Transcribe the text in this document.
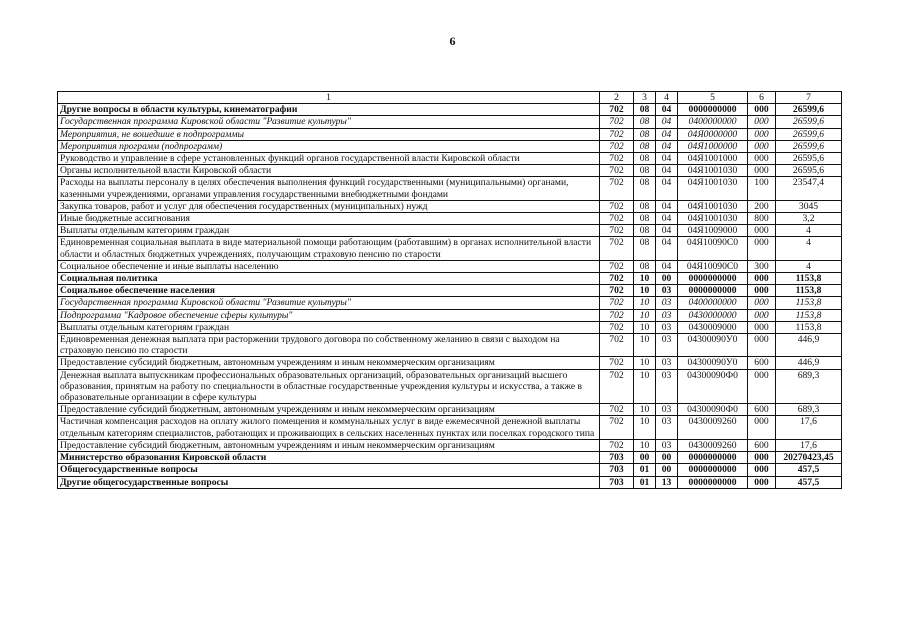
6
1	2	3	4	5	6	7
Другие вопросы в области культуры, кинематографии	702	08	04	0000000000	000	26599,6
Государственная программа Кировской области "Развитие культуры"	702	08	04	0400000000	000	26599,6
Мероприятия, не вошедшие в подпрограммы	702	08	04	04Я0000000	000	26599,6
Мероприятия программ (подпрограмм)	702	08	04	04Я1000000	000	26599,6
Руководство и управление в сфере установленных функций органов государственной власти Кировской области	702	08	04	04Я1001000	000	26595,6
Органы исполнительной власти Кировской области	702	08	04	04Я1001030	000	26595,6
Расходы на выплаты персоналу в целях обеспечения выполнения функций государственными (муниципальными) органами, казенными учреждениями, органами управления государственными внебюджетными фондами	702	08	04	04Я1001030	100	23547,4
Закупка товаров, работ и услуг для обеспечения государственных (муниципальных) нужд	702	08	04	04Я1001030	200	3045
Иные бюджетные ассигнования	702	08	04	04Я1001030	800	3,2
Выплаты отдельным категориям граждан	702	08	04	04Я1009000	000	4
Единовременная социальная выплата в виде материальной помощи работающим (работавшим) в органах исполнительной власти области и областных бюджетных учреждениях, получающим страховую пенсию по старости	702	08	04	04Я10090С0	000	4
Социальное обеспечение и иные выплаты населению	702	08	04	04Я10090С0	300	4
Социальная политика	702	10	00	0000000000	000	1153,8
Социальное обеспечение населения	702	10	03	0000000000	000	1153,8
Государственная программа Кировской области "Развитие культуры"	702	10	03	0400000000	000	1153,8
Подпрограмма "Кадровое обеспечение сферы культуры"	702	10	03	0430000000	000	1153,8
Выплаты отдельным категориям граждан	702	10	03	0430009000	000	1153,8
Единовременная денежная выплата при расторжении трудового договора по собственному желанию в связи с выходом на страховую пенсию по старости	702	10	03	04300090У0	000	446,9
Предоставление субсидий бюджетным, автономным учреждениям и иным некоммерческим организациям	702	10	03	04300090У0	600	446,9
Денежная выплата выпускникам профессиональных образовательных организаций, образовательных организаций высшего образования, принятым на работу по специальности в областные государственные учреждения культуры и искусства, а также в образовательные организации в сфере культуры	702	10	03	04300090Ф0	000	689,3
Предоставление субсидий бюджетным, автономным учреждениям и иным некоммерческим организациям	702	10	03	04300090Ф0	600	689,3
Частичная компенсация расходов на оплату жилого помещения и коммунальных услуг в виде ежемесячной денежной выплаты отдельным категориям специалистов, работающих и проживающих в сельских населенных пунктах или поселках городского типа	702	10	03	0430009260	000	17,6
Предоставление субсидий бюджетным, автономным учреждениям и иным некоммерческим организациям	702	10	03	0430009260	600	17,6
Министерство образования Кировской области	703	00	00	0000000000	000	20270423,45
Общегосударственные вопросы	703	01	00	0000000000	000	457,5
Другие общегосударственные вопросы	703	01	13	0000000000	000	457,5
